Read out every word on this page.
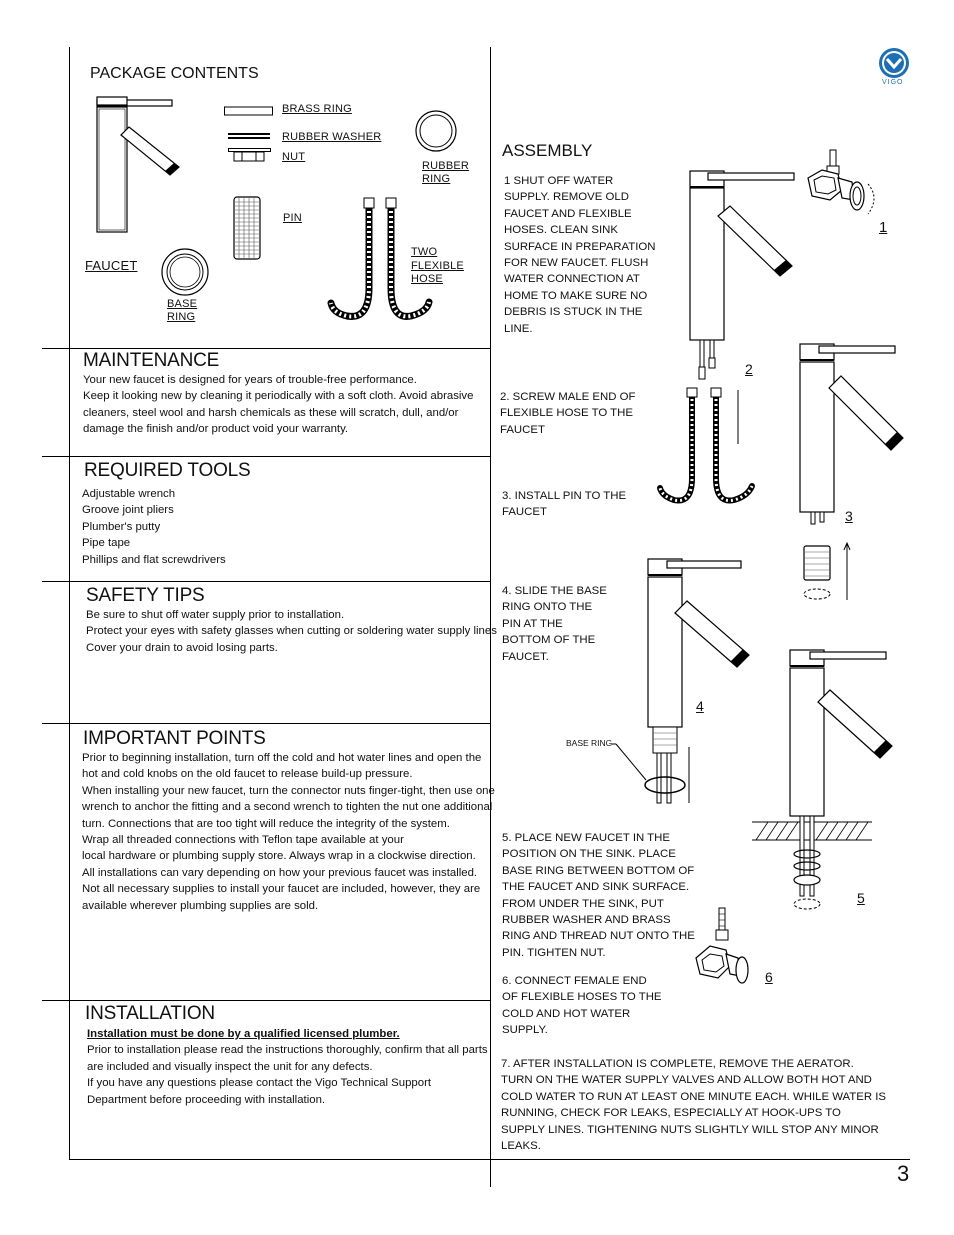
PACKAGE CONTENTS
FAUCET
BASE
RING
BRASS RING
RUBBER WASHER
NUT
RUBBER
RING
PIN
TWO
FLEXIBLE
HOSE
MAINTENANCE
Your new faucet is designed for years of trouble-free performance.
Keep it looking new by cleaning it periodically with a soft cloth. Avoid abrasive
cleaners, steel wool and harsh chemicals as these will scratch, dull, and/or
damage the finish and/or product void your warranty.
REQUIRED TOOLS
Adjustable wrench
Groove joint pliers
Plumber's putty
Pipe tape
Phillips and flat screwdrivers
SAFETY TIPS
Be sure to shut off water supply prior to installation.
Protect your eyes with safety glasses when cutting or soldering water supply lines
Cover your drain to avoid losing parts.
IMPORTANT POINTS
Prior to beginning installation, turn off the cold and hot water lines and open the
hot and cold knobs on the old faucet to release build-up pressure.
When installing your new faucet, turn the connector nuts finger-tight, then use one
wrench to anchor the fitting and a second wrench to tighten the nut one additional
turn. Connections that are too tight will reduce the integrity of the system.
Wrap all threaded connections with Teflon tape available at your
local hardware or plumbing supply store. Always wrap in a clockwise direction.
All installations can vary depending on how your previous faucet was installed.
Not all necessary supplies to install your faucet are included, however, they are
available wherever plumbing supplies are sold.
INSTALLATION
Installation must be done by a qualified licensed plumber.
Prior to installation please read the instructions thoroughly, confirm that all parts
are included and visually inspect the unit for any defects.
If you have any questions please contact the Vigo Technical Support
Department before proceeding with installation.
VIGO
ASSEMBLY
1 SHUT OFF WATER
SUPPLY. REMOVE OLD
FAUCET AND FLEXIBLE
HOSES. CLEAN SINK
SURFACE IN PREPARATION
FOR NEW FAUCET. FLUSH
WATER CONNECTION AT
HOME TO MAKE SURE NO
DEBRIS IS STUCK IN THE
LINE.
2. SCREW MALE END OF
FLEXIBLE HOSE TO THE
FAUCET
3. INSTALL PIN TO THE
FAUCET
4. SLIDE THE BASE
RING ONTO THE
PIN AT THE
BOTTOM OF THE
FAUCET.
5. PLACE NEW FAUCET IN THE
POSITION ON THE SINK. PLACE
BASE RING BETWEEN BOTTOM OF
THE FAUCET AND SINK SURFACE.
FROM UNDER THE SINK, PUT
RUBBER WASHER AND BRASS
RING AND THREAD NUT ONTO THE
PIN. TIGHTEN NUT.
6. CONNECT FEMALE END
OF FLEXIBLE HOSES TO THE
COLD AND HOT WATER
SUPPLY.
7. AFTER INSTALLATION IS COMPLETE, REMOVE THE AERATOR.
TURN ON THE WATER SUPPLY VALVES AND ALLOW BOTH HOT AND
COLD WATER TO RUN AT LEAST ONE MINUTE EACH. WHILE WATER IS
RUNNING, CHECK FOR LEAKS, ESPECIALLY AT HOOK-UPS TO
SUPPLY LINES. TIGHTENING NUTS SLIGHTLY WILL STOP ANY MINOR
LEAKS.
BASE RING
1
2
3
4
5
6
3
